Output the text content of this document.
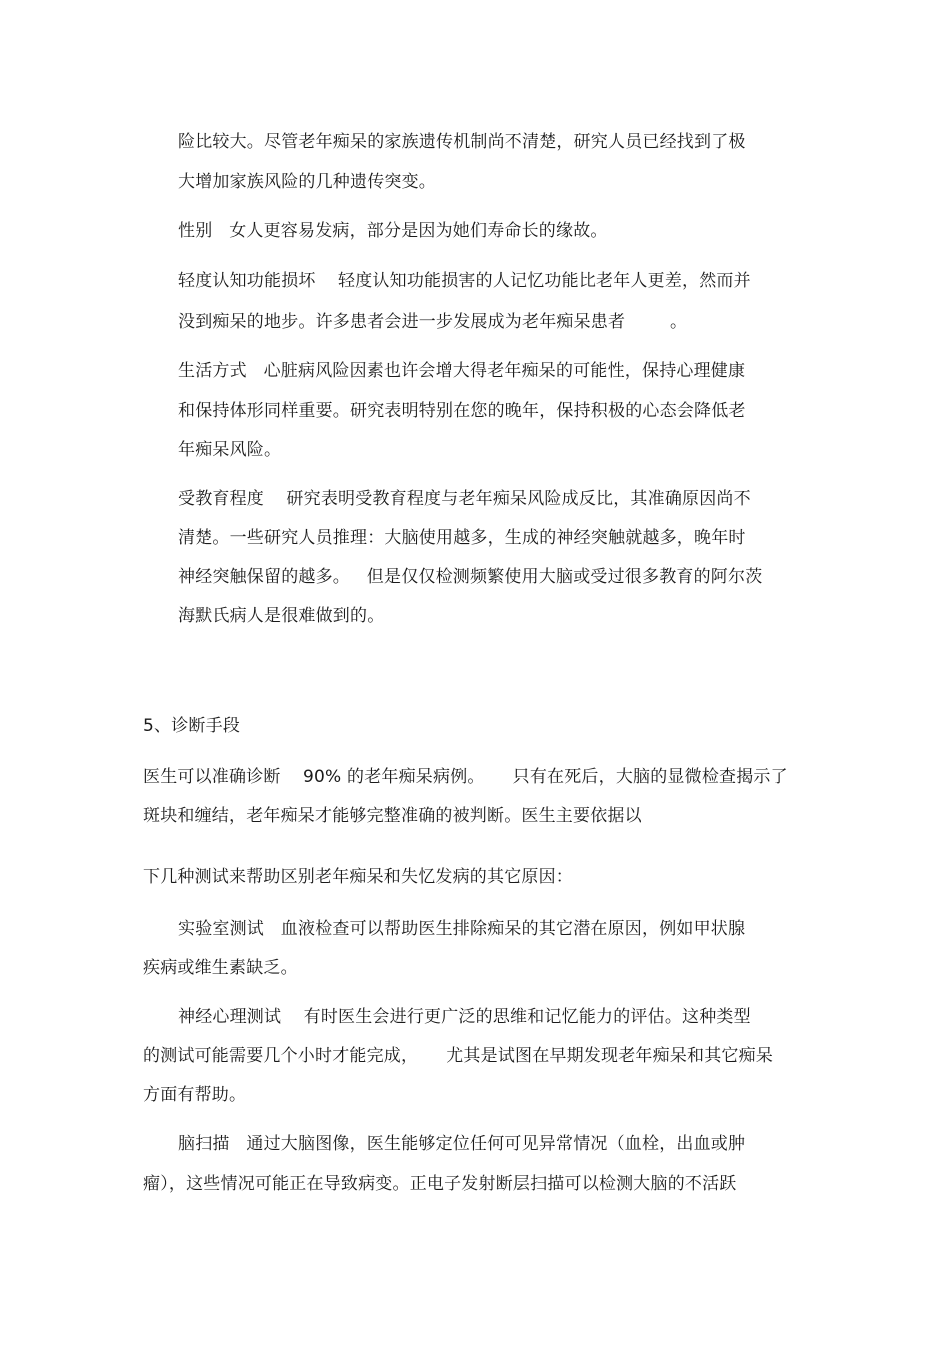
险比较大。尽管老年痴呆的家族遗传机制尚不清楚，研究人员已经找到了极
大增加家族风险的几种遗传突变。
性别   女人更容易发病，部分是因为她们寿命长的缘故。
轻度认知功能损坏    轻度认知功能损害的人记忆功能比老年人更差，然而并
没到痴呆的地步。许多患者会进一步发展成为老年痴呆患者        。
生活方式   心脏病风险因素也许会增大得老年痴呆的可能性，保持心理健康
和保持体形同样重要。研究表明特别在您的晚年，保持积极的心态会降低老
年痴呆风险。
受教育程度    研究表明受教育程度与老年痴呆风险成反比，其准确原因尚不
清楚。一些研究人员推理：大脑使用越多，生成的神经突触就越多，晚年时
神经突触保留的越多。   但是仅仅检测频繁使用大脑或受过很多教育的阿尔茨
海默氏病人是很难做到的。
5、诊断手段
医生可以准确诊断    90% 的老年痴呆病例。     只有在死后，大脑的显微检查揭示了
斑块和缠结，老年痴呆才能够完整准确的被判断。医生主要依据以
下几种测试来帮助区别老年痴呆和失忆发病的其它原因：
实验室测试   血液检查可以帮助医生排除痴呆的其它潜在原因，例如甲状腺
疾病或维生素缺乏。
神经心理测试    有时医生会进行更广泛的思维和记忆能力的评估。这种类型
的测试可能需要几个小时才能完成，     尤其是试图在早期发现老年痴呆和其它痴呆
方面有帮助。
脑扫描   通过大脑图像，医生能够定位任何可见异常情况（血栓，出血或肿
瘤），这些情况可能正在导致病变。正电子发射断层扫描可以检测大脑的不活跃
